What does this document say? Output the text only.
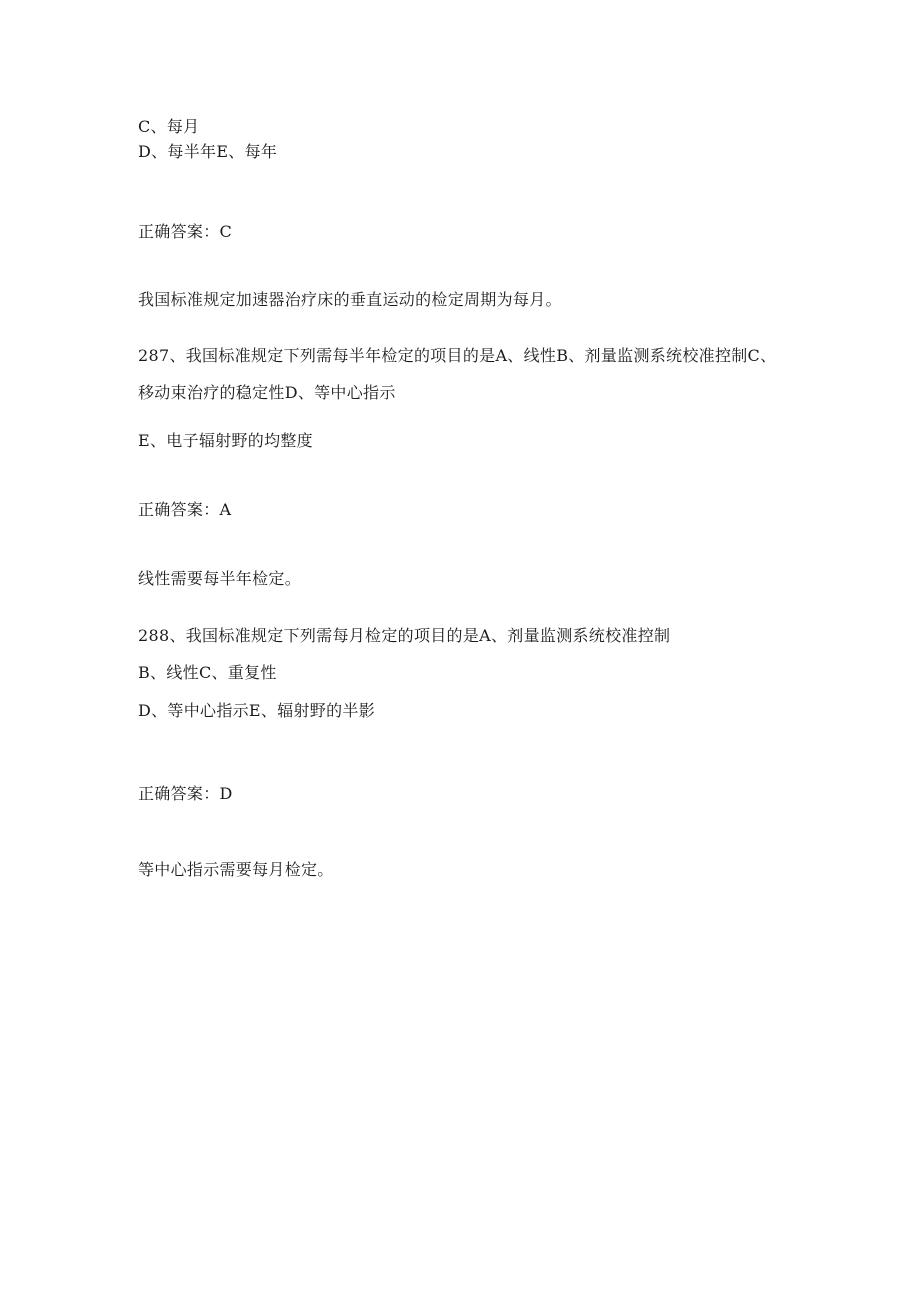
C、每月
D、每半年E、每年
正确答案：C
我国标准规定加速器治疗床的垂直运动的检定周期为每月。
287、我国标准规定下列需每半年检定的项目的是A、线性B、剂量监测系统校准控制C、
移动束治疗的稳定性D、等中心指示
E、电子辐射野的均整度
正确答案：A
线性需要每半年检定。
288、我国标准规定下列需每月检定的项目的是A、剂量监测系统校准控制
B、线性C、重复性
D、等中心指示E、辐射野的半影
正确答案：D
等中心指示需要每月检定。
